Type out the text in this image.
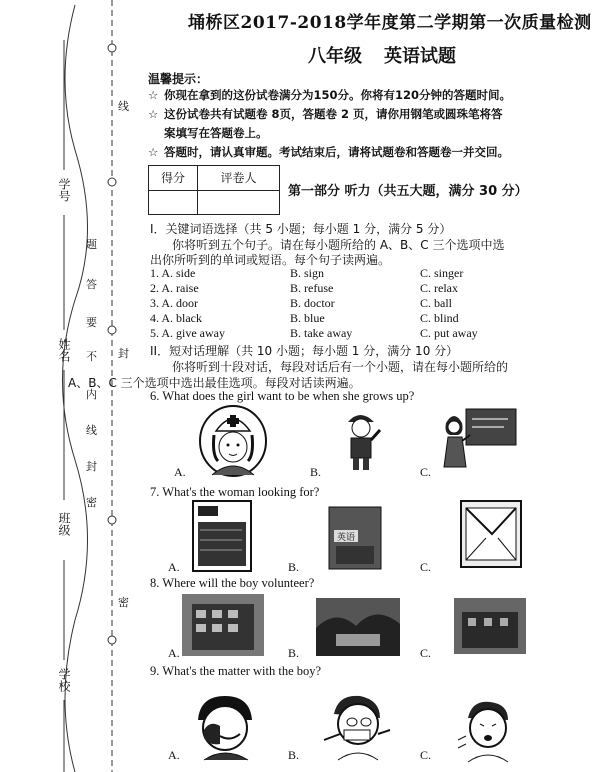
学号
姓名
班级
学校
线
题
答
要
不 封
内
线
封
密
密
埇桥区2017-2018学年度第二学期第一次质量检测
八年级 英语试题
温馨提示：
☆ 你现在拿到的这份试卷满分为150分。你将有120分钟的答题时间。
☆ 这份试卷共有试题卷 8页，答题卷 2 页，请你用钢笔或圆珠笔将答
案填写在答题卷上。
☆ 答题时，请认真审题。考试结束后，请将试题卷和答题卷一并交回。
得分	评卷人
第一部分 听力（共五大题，满分 30 分）
I．关键词语选择（共 5 小题；每小题 1 分，满分 5 分）
你将听到五个句子。请在每小题所给的 A、B、C 三个选项中选
出你所听到的单词或短语。每个句子读两遍。
1. A. side	B. sign	C. singer
2. A. raise	B. refuse	C. relax
3. A. door	B. doctor	C. ball
4. A. black	B. blue	C. blind
5. A. give away	B. take away	C. put away
II．短对话理解（共 10 小题；每小题 1 分，满分 10 分）
你将听到十段对话，每段对话后有一个小题，请在每小题所给的
A、B、C 三个选项中选出最佳选项。每段对话读两遍。
6. What does the girl want to be when she grows up?
A.	B.	C.
7. What's the woman looking for?
A.	B.	C.
英语
8. Where will the boy volunteer?
A.	B.	C.
9. What's the matter with the boy?
A.	B.	C.
